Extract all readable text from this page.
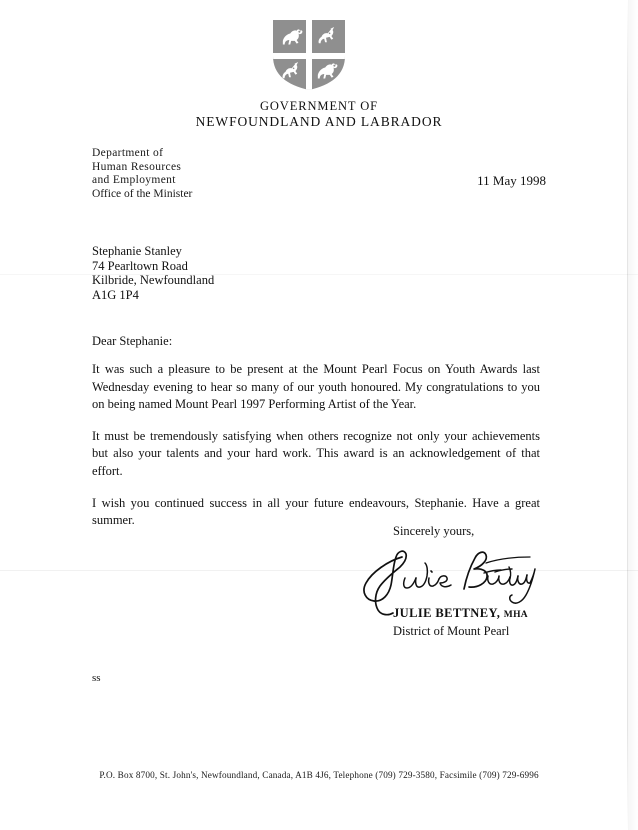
GOVERNMENT OF
NEWFOUNDLAND AND LABRADOR
Department of
Human Resources
and Employment
Office of the Minister
11 May 1998
Stephanie Stanley
74 Pearltown Road
Kilbride, Newfoundland
A1G 1P4
Dear Stephanie:

It was such a pleasure to be present at the Mount Pearl Focus on Youth Awards last Wednesday evening to hear so many of our youth honoured. My congratulations to you on being named Mount Pearl 1997 Performing Artist of the Year.

It must be tremendously satisfying when others recognize not only your achievements but also your talents and your hard work. This award is an acknowledgement of that effort.

I wish you continued success in all your future endeavours, Stephanie. Have a great summer.

Sincerely yours,
JULIE BETTNEY, MHA
District of Mount Pearl
ss
P.O. Box 8700, St. John's, Newfoundland, Canada, A1B 4J6, Telephone (709) 729-3580, Facsimile (709) 729-6996
